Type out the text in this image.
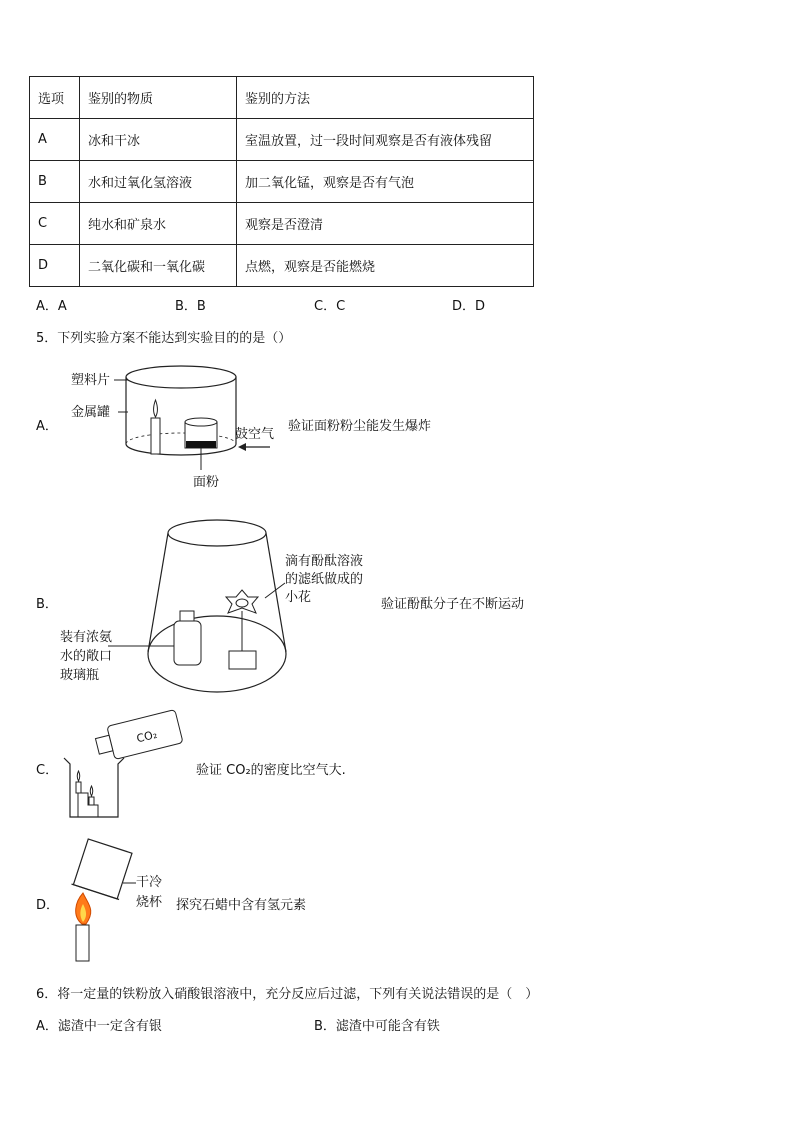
选项	鉴别的物质	鉴别的方法
A	冰和干冰	室温放置，过一段时间观察是否有液体残留
B	水和过氧化氢溶液	加二氧化锰，观察是否有气泡
C	纯水和矿泉水	观察是否澄清
D	二氧化碳和一氧化碳	点燃，观察是否能燃烧
A．A	B．B	C．C	D．D
5．下列实验方案不能达到实验目的的是（）
A．
塑料片
金属罐
鼓空气
面粉
验证面粉粉尘能发生爆炸
B．
滴有酚酞溶液
的滤纸做成的
小花
装有浓氨
水的敞口
玻璃瓶
验证酚酞分子在不断运动
C．
CO₂
验证 CO₂的密度比空气大.
D．
干冷
烧杯 探究石蜡中含有氢元素
6．将一定量的铁粉放入硝酸银溶液中，充分反应后过滤，下列有关说法错误的是（　）
A．滤渣中一定含有银	B．滤渣中可能含有铁
